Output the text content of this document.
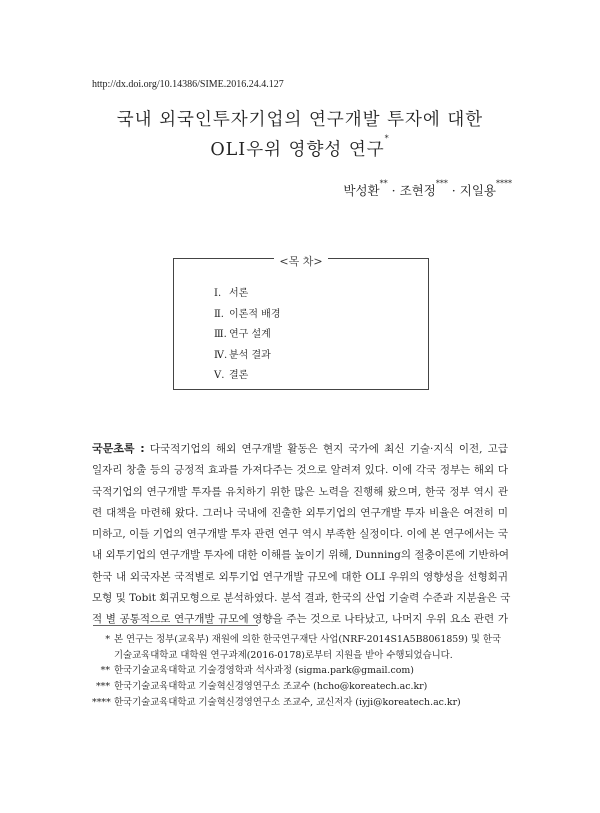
http://dx.doi.org/10.14386/SIME.2016.24.4.127
국내 외국인투자기업의 연구개발 투자에 대한
OLI우위 영향성 연구*
박성환** · 조현정*** · 지일용****
<목 차>
Ⅰ. 서론
Ⅱ. 이론적 배경
Ⅲ. 연구 설계
Ⅳ. 분석 결과
Ⅴ. 결론
국문초록 : 다국적기업의 해외 연구개발 활동은 현지 국가에 최신 기술·지식 이전, 고급
일자리 창출 등의 긍정적 효과를 가져다주는 것으로 알려져 있다. 이에 각국 정부는 해외 다
국적기업의 연구개발 투자를 유치하기 위한 많은 노력을 진행해 왔으며, 한국 정부 역시 관
련 대책을 마련해 왔다. 그러나 국내에 진출한 외투기업의 연구개발 투자 비율은 여전히 미
미하고, 이들 기업의 연구개발 투자 관련 연구 역시 부족한 실정이다. 이에 본 연구에서는 국
내 외투기업의 연구개발 투자에 대한 이해를 높이기 위해, Dunning의 절충이론에 기반하여
한국 내 외국자본 국적별로 외투기업 연구개발 규모에 대한 OLI 우위의 영향성을 선형회귀
모형 및 Tobit 회귀모형으로 분석하였다. 분석 결과, 한국의 산업 기술력 수준과 지분율은 국
적 별 공통적으로 연구개발 규모에 영향을 주는 것으로 나타났고, 나머지 우위 요소 관련 가
* 본 연구는 정부(교육부) 재원에 의한 한국연구재단 사업(NRF-2014S1A5B8061859) 및 한국
기술교육대학교 대학원 연구과제(2016-0178)로부터 지원을 받아 수행되었습니다.
** 한국기술교육대학교 기술경영학과 석사과정 (sigma.park@gmail.com)
*** 한국기술교육대학교 기술혁신경영연구소 조교수 (hcho@koreatech.ac.kr)
**** 한국기술교육대학교 기술혁신경영연구소 조교수, 교신저자 (iyji@koreatech.ac.kr)
